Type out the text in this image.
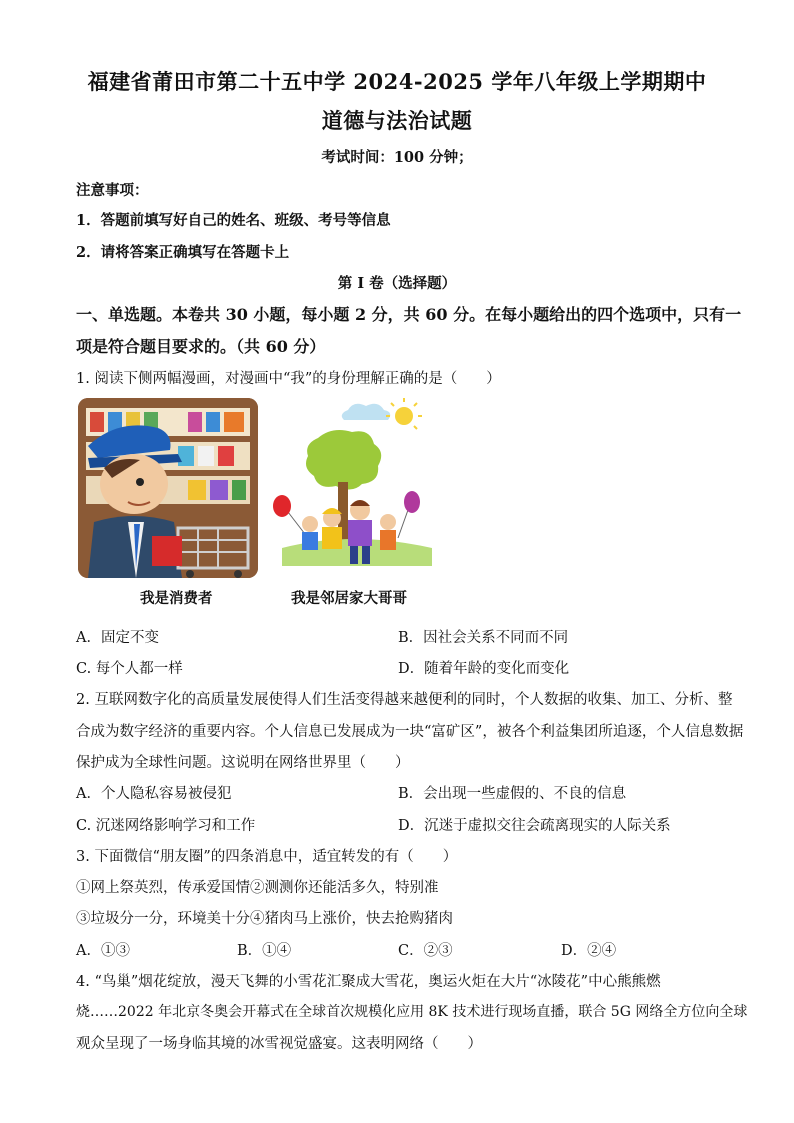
福建省莆田市第二十五中学 2024-2025 学年八年级上学期期中
道德与法治试题
考试时间：100 分钟；
注意事项：
1．答题前填写好自己的姓名、班级、考号等信息
2．请将答案正确填写在答题卡上
第 I 卷（选择题）
一、单选题。本卷共 30 小题，每小题 2 分，共 60 分。在每小题给出的四个选项中，只有一
项是符合题目要求的。（共 60 分）
1. 阅读下侧两幅漫画，对漫画中“我”的身份理解正确的是（　　）
我是消费者	我是邻居家大哥哥
A．固定不变	B．因社会关系不同而不同
C. 每个人都一样	D．随着年龄的变化而变化
2. 互联网数字化的高质量发展使得人们生活变得越来越便利的同时，个人数据的收集、加工、分析、整
合成为数字经济的重要内容。个人信息已发展成为一块“富矿区”，被各个利益集团所追逐，个人信息数据
保护成为全球性问题。这说明在网络世界里（　　）
A．个人隐私容易被侵犯	B．会出现一些虚假的、不良的信息
C. 沉迷网络影响学习和工作	D．沉迷于虚拟交往会疏离现实的人际关系
3. 下面微信“朋友圈”的四条消息中，适宜转发的有（　　）
①网上祭英烈，传承爱国情②测测你还能活多久，特别准
③垃圾分一分，环境美十分④猪肉马上涨价，快去抢购猪肉
A．①③	B．①④	C．②③	D．②④
4. “鸟巢”烟花绽放，漫天飞舞的小雪花汇聚成大雪花，奥运火炬在大片“冰陵花”中心熊熊燃
烧……2022 年北京冬奥会开幕式在全球首次规模化应用 8K 技术进行现场直播，联合 5G 网络全方位向全球
观众呈现了一场身临其境的冰雪视觉盛宴。这表明网络（　　）
